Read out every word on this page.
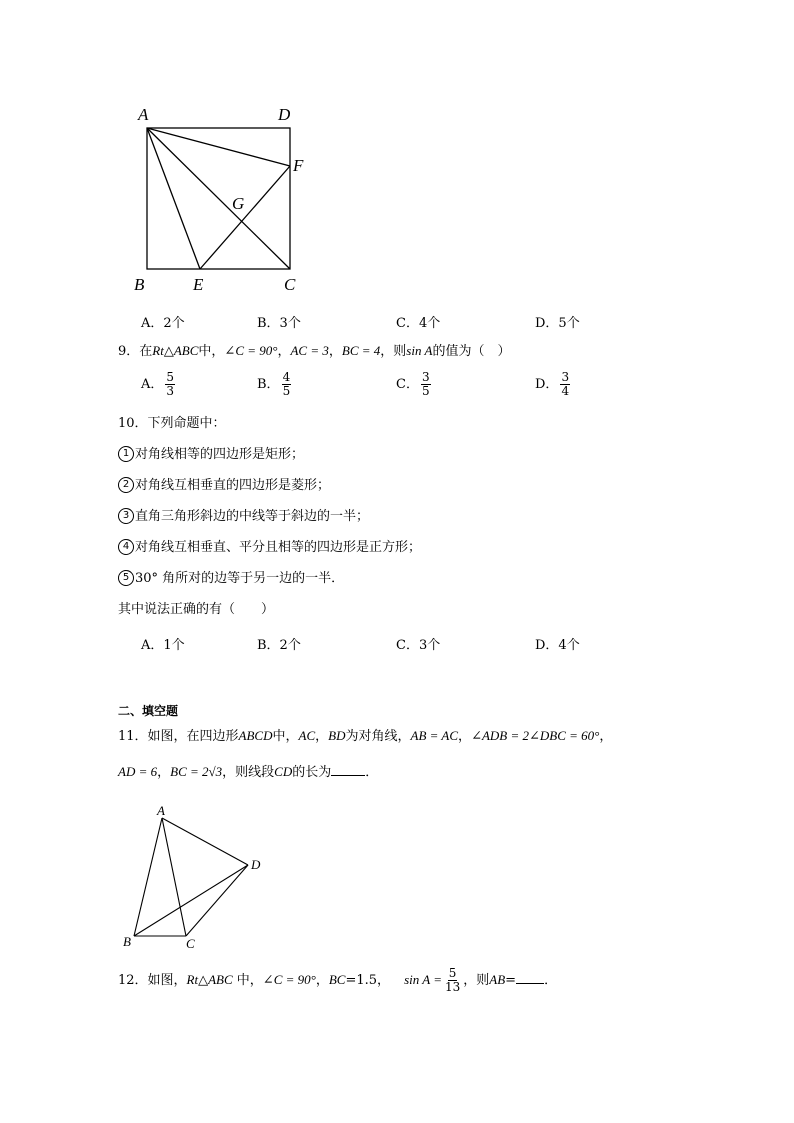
A	D
F
G
B	E	C
A．2个	B．3个	C．4个	D．5个
9．在Rt△ABC中，∠C = 90°，AC = 3，BC = 4，则sin A的值为（　）
A． $\frac{5}{3}$	B． $\frac{4}{5}$	C． $\frac{3}{5}$	D． $\frac{3}{4}$
10．下列命题中：
1 对角线相等的四边形是矩形；
2 对角线互相垂直的四边形是菱形；
3 直角三角形斜边的中线等于斜边的一半；
4 对角线互相垂直、平分且相等的四边形是正方形；
5 30° 角所对的边等于另一边的一半．
其中说法正确的有（　　）
A．1个	B．2个	C．3个	D．4个
二、填空题
11．如图，在四边形ABCD中，AC，BD为对角线，AB = AC，∠ADB = 2∠DBC = 60°，
AD = 6，BC = 2√3，则线段CD的长为	．
A
B	C
D
12．如图，Rt△ABC 中，∠C = 90°，BC=1.5， $\sin A = \frac{5}{13}$ ，则AB= ．
